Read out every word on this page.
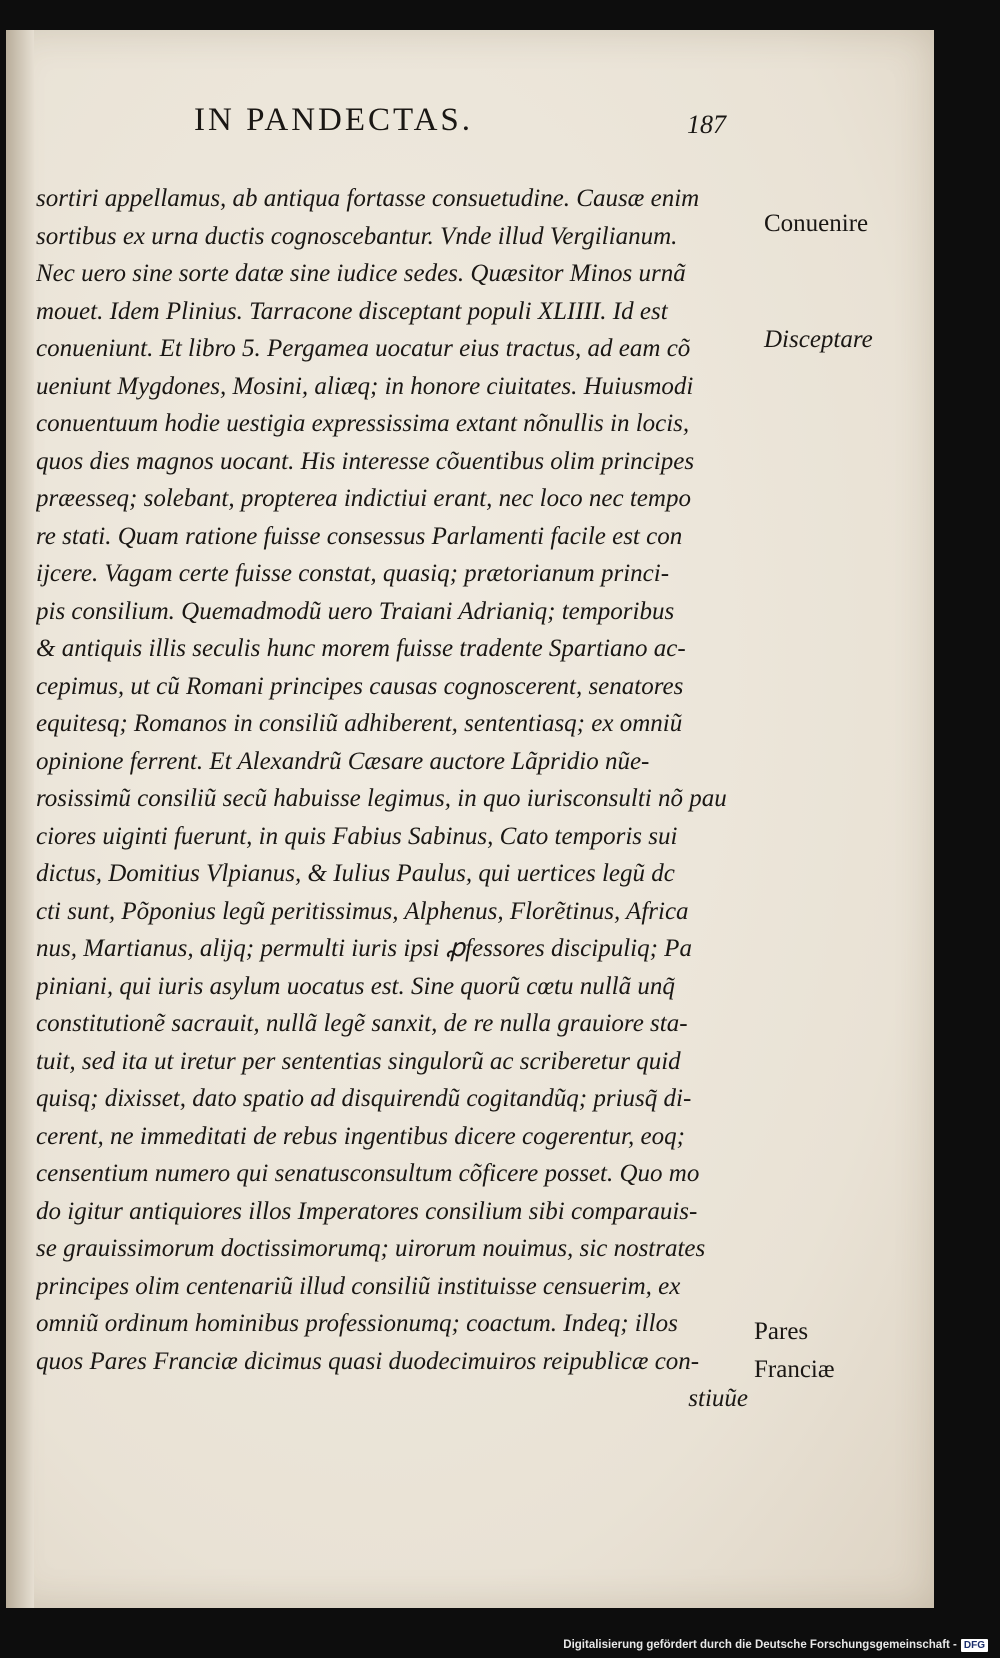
IN PANDECTAS.	187
sortiri appellamus, ab antiqua fortasse consuetudine. Causæ enim
sortibus ex urna ductis cognoscebantur. Vnde illud Vergilianum.
Nec uero sine sorte datæ sine iudice sedes. Quæsitor Minos urnã
mouet. Idem Plinius. Tarracone disceptant populi XLIIII. Id est
conueniunt. Et libro 5. Pergamea uocatur eius tractus, ad eam cõ
ueniunt Mygdones, Mosini, aliæq; in honore ciuitates. Huiusmodi
conuentuum hodie uestigia expressissima extant nõnullis in locis,
quos dies magnos uocant. His interesse cõuentibus olim principes
præesseq; solebant, propterea indictiui erant, nec loco nec tempo
re stati. Quam ratione fuisse consessus Parlamenti facile est con
ijcere. Vagam certe fuisse constat, quasiq; prætorianum princi-
pis consilium. Quemadmodũ uero Traiani Adrianiq; temporibus
& antiquis illis seculis hunc morem fuisse tradente Spartiano ac-
cepimus, ut cũ Romani principes causas cognoscerent, senatores
equitesq; Romanos in consiliũ adhiberent, sententiasq; ex omniũ
opinione ferrent. Et Alexandrũ Cæsare auctore Lãpridio nũe-
rosissimũ consiliũ secũ habuisse legimus, in quo iurisconsulti nõ pau
ciores uiginti fuerunt, in quis Fabius Sabinus, Cato temporis sui
dictus, Domitius Vlpianus, & Iulius Paulus, qui uertices legũ dc
cti sunt, Põponius legũ peritissimus, Alphenus, Florẽtinus, Africa
nus, Martianus, alijq; permulti iuris ipsi ꝓfessores discipuliq; Pa
piniani, qui iuris asylum uocatus est. Sine quorũ cœtu nullã unq̃
constitutionẽ sacrauit, nullã legẽ sanxit, de re nulla grauiore sta-
tuit, sed ita ut iretur per sententias singulorũ ac scriberetur quid
quisq; dixisset, dato spatio ad disquirendũ cogitandũq; priusq̃ di-
cerent, ne immeditati de rebus ingentibus dicere cogerentur, eoq;
censentium numero qui senatusconsultum cõficere posset. Quo mo
do igitur antiquiores illos Imperatores consilium sibi comparauis-
se grauissimorum doctissimorumq; uirorum nouimus, sic nostrates
principes olim centenariũ illud consiliũ instituisse censuerim, ex
omniũ ordinum hominibus professionumq; coactum. Indeq; illos
quos Pares Franciæ dicimus quasi duodecimuiros reipublicæ con-
stiuũe
Conuenire
Disceptare
Pares
Franciæ
Digitalisierung gefördert durch die Deutsche Forschungsgemeinschaft - DFG
